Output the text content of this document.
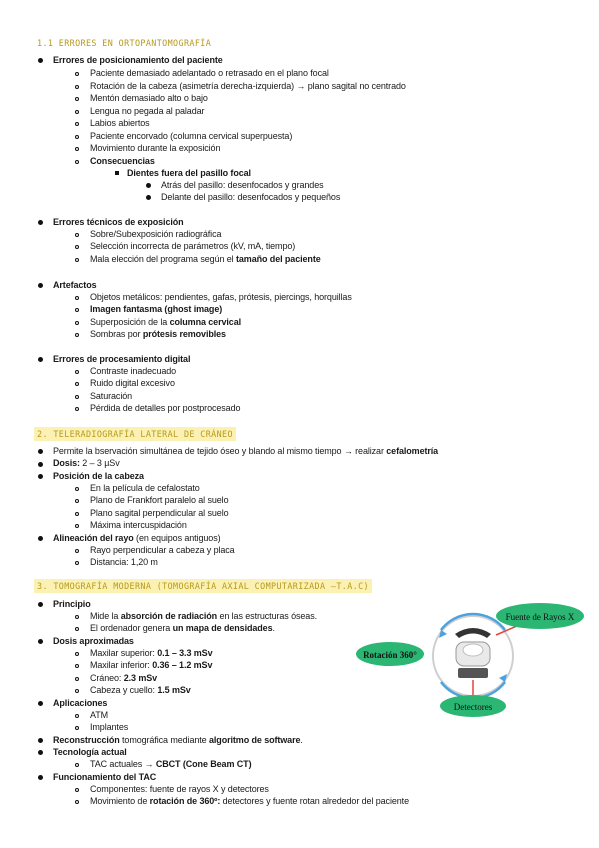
1.1 ERRORES EN ORTOPANTOMOGRAFÍA
Errores de posicionamiento del paciente
Paciente demasiado adelantado o retrasado en el plano focal
Rotación de la cabeza (asimetría derecha-izquierda) → plano sagital no centrado
Mentón demasiado alto o bajo
Lengua no pegada al paladar
Labios abiertos
Paciente encorvado (columna cervical superpuesta)
Movimiento durante la exposición
Consecuencias
Dientes fuera del pasillo focal
Atrás del pasillo: desenfocados y grandes
Delante del pasillo: desenfocados y pequeños
Errores técnicos de exposición
Sobre/Subexposición radiográfica
Selección incorrecta de parámetros (kV, mA, tiempo)
Mala elección del programa según el tamaño del paciente
Artefactos
Objetos metálicos: pendientes, gafas, prótesis, piercings, horquillas
Imagen fantasma (ghost image)
Superposición de la columna cervical
Sombras por prótesis removibles
Errores de procesamiento digital
Contraste inadecuado
Ruido digital excesivo
Saturación
Pérdida de detalles por postprocesado
2. TELERADIOGRAFÍA LATERAL DE CRÁNEO
Permite la bservación simultánea de tejido óseo y blando al mismo tiempo → realizar cefalometría
Dosis: 2 – 3 µSv
Posición de la cabeza
En la película de cefalostato
Plano de Frankfort paralelo al suelo
Plano sagital perpendicular al suelo
Máxima intercuspidación
Alineación del rayo (en equipos antiguos)
Rayo perpendicular a cabeza y placa
Distancia: 1,20 m
3. TOMOGRAFÍA MODERNA (TOMOGRAFÍA AXIAL COMPUTARIZADA –T.A.C)
Principio
Mide la absorción de radiación en las estructuras óseas.
El ordenador genera un mapa de densidades.
Dosis aproximadas
Maxilar superior: 0.1 – 3.3 mSv
Maxilar inferior: 0.36 – 1.2 mSv
Cráneo: 2.3 mSv
Cabeza y cuello: 1.5 mSv
Aplicaciones
ATM
Implantes
Reconstrucción tomográfica mediante algoritmo de software.
Tecnología actual
TAC actuales → CBCT (Cone Beam CT)
Funcionamiento del TAC
Componentes: fuente de rayos X y detectores
Movimiento de rotación de 360º: detectores y fuente rotan alrededor del paciente
Fuente de Rayos X
Rotación 360°
Detectores
